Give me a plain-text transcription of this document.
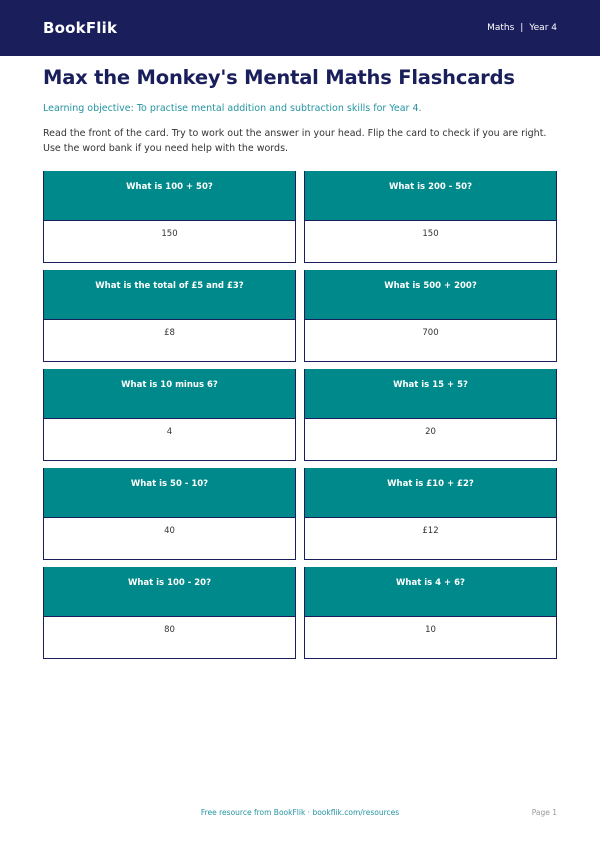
BookFlik	Maths | Year 4
Max the Monkey's Mental Maths Flashcards
Learning objective: To practise mental addition and subtraction skills for Year 4.
Read the front of the card. Try to work out the answer in your head. Flip the card to check if you are right. Use the word bank if you need help with the words.
What is 100 + 50?
150
What is 200 - 50?
150
What is the total of £5 and £3?
£8
What is 500 + 200?
700
What is 10 minus 6?
4
What is 15 + 5?
20
What is 50 - 10?
40
What is £10 + £2?
£12
What is 100 - 20?
80
What is 4 + 6?
10
Free resource from BookFlik · bookflik.com/resources	Page 1
